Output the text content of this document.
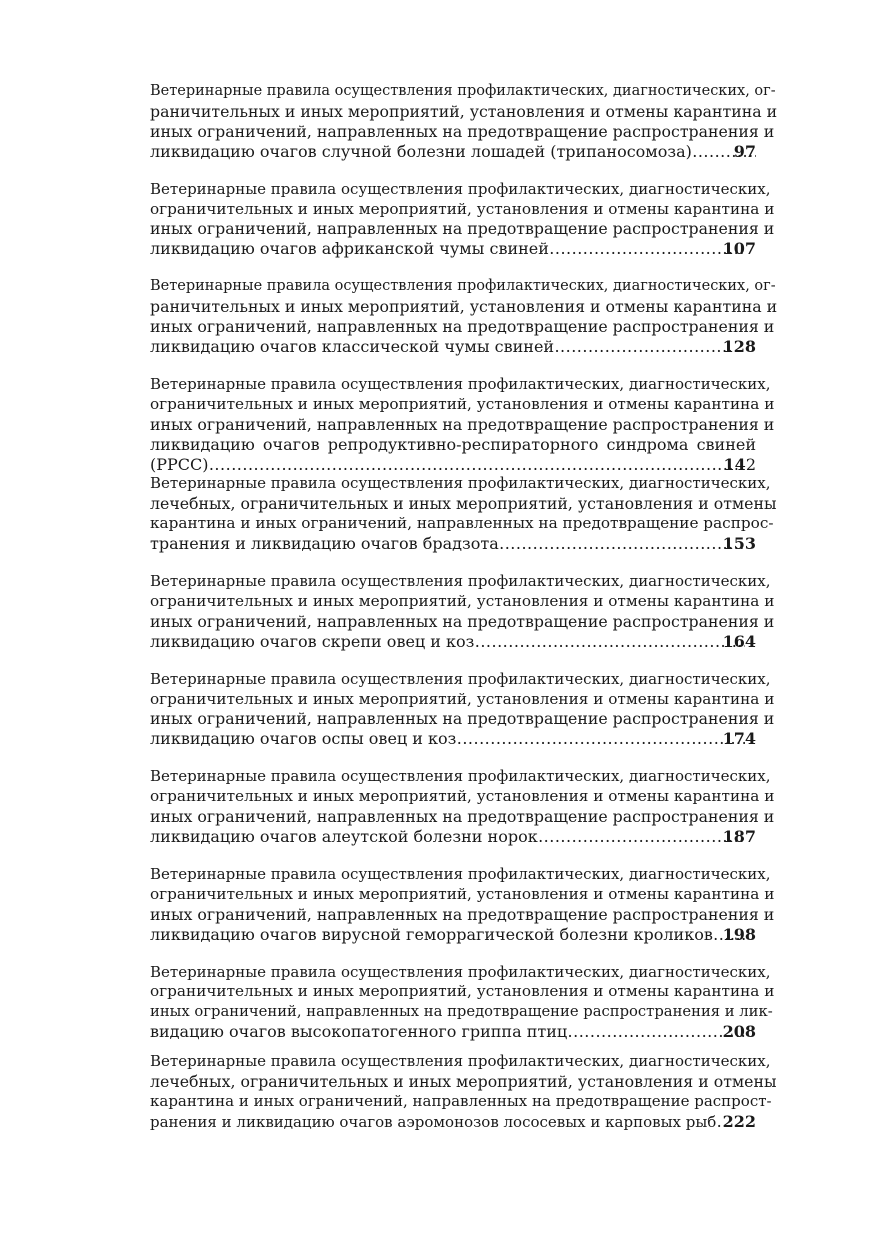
Ветеринарные правила осуществления профилактических, диагностических, ог-
раничительных и иных мероприятий, установления и отмены карантина и
иных ограничений, направленных на предотвращение распространения и
ликвидацию очагов случной болезни лошадей (трипаносомоза) .....	97
Ветеринарные правила осуществления профилактических, диагностических,
ограничительных и иных мероприятий, установления и отмены карантина и
иных ограничений, направленных на предотвращение распространения и
ликвидацию очагов африканской чумы свиней .....	107
Ветеринарные правила осуществления профилактических, диагностических, ог-
раничительных и иных мероприятий, установления и отмены карантина и
иных ограничений, направленных на предотвращение распространения и
ликвидацию очагов классической чумы свиней .....	128
Ветеринарные правила осуществления профилактических, диагностических,
ограничительных и иных мероприятий, установления и отмены карантина и
иных ограничений, направленных на предотвращение распространения и
ликвидацию очагов репродуктивно-респираторного синдрома свиней
(РРСС) .....	142
Ветеринарные правила осуществления профилактических, диагностических,
лечебных, ограничительных и иных мероприятий, установления и отмены
карантина и иных ограничений, направленных на предотвращение распрос-
транения и ликвидацию очагов брадзота .....	153
Ветеринарные правила осуществления профилактических, диагностических,
ограничительных и иных мероприятий, установления и отмены карантина и
иных ограничений, направленных на предотвращение распространения и
ликвидацию очагов скрепи овец и коз .....	164
Ветеринарные правила осуществления профилактических, диагностических,
ограничительных и иных мероприятий, установления и отмены карантина и
иных ограничений, направленных на предотвращение распространения и
ликвидацию очагов оспы овец и коз .....	174
Ветеринарные правила осуществления профилактических, диагностических,
ограничительных и иных мероприятий, установления и отмены карантина и
иных ограничений, направленных на предотвращение распространения и
ликвидацию очагов алеутской болезни норок .....	187
Ветеринарные правила осуществления профилактических, диагностических,
ограничительных и иных мероприятий, установления и отмены карантина и
иных ограничений, направленных на предотвращение распространения и
ликвидацию очагов вирусной геморрагической болезни кроликов ..... 198
Ветеринарные правила осуществления профилактических, диагностических,
ограничительных и иных мероприятий, установления и отмены карантина и
иных ограничений, направленных на предотвращение распространения и лик-
видацию очагов высокопатогенного гриппа птиц .....	208
Ветеринарные правила осуществления профилактических, диагностических,
лечебных, ограничительных и иных мероприятий, установления и отмены
карантина и иных ограничений, направленных на предотвращение распрост-
ранения и ликвидацию очагов аэромонозов лососевых и карповых рыб ..... 222
